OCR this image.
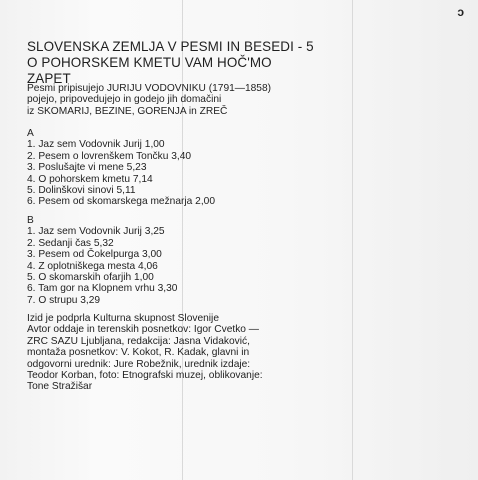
ɔ
SLOVENSKA ZEMLJA V PESMI IN BESEDI - 5
O POHORSKEM KMETU VAM HOČ'MO
ZAPET
Pesmi pripisujejo JURIJU VODOVNIKU (1791—1858)
pojejo, pripovedujejo in godejo jih domačini
iz SKOMARIJ, BEZINE, GORENJA in ZREČ
A
1. Jaz sem Vodovnik Jurij 1,00
2. Pesem o lovrenškem Tončku 3,40
3. Poslušajte vi mene 5,23
4. O pohorskem kmetu 7,14
5. Dolinškovi sinovi 5,11
6. Pesem od skomarskega mežnarja 2,00
B
1. Jaz sem Vodovnik Jurij 3,25
2. Sedanji čas 5,32
3. Pesem od Čokelpurga 3,00
4. Z oplotniškega mesta 4,06
5. O skomarskih ofarjih 1,00
6. Tam gor na Klopnem vrhu 3,30
7. O strupu 3,29
Izid je podprla Kulturna skupnost Slovenije
Avtor oddaje in terenskih posnetkov: Igor Cvetko —
ZRC SAZU Ljubljana, redakcija: Jasna Vidaković,
montaža posnetkov: V. Kokot, R. Kadak, glavni in
odgovorni urednik: Jure Robežnik, urednik izdaje:
Teodor Korban, foto: Etnografski muzej, oblikovanje:
Tone Stražišar
